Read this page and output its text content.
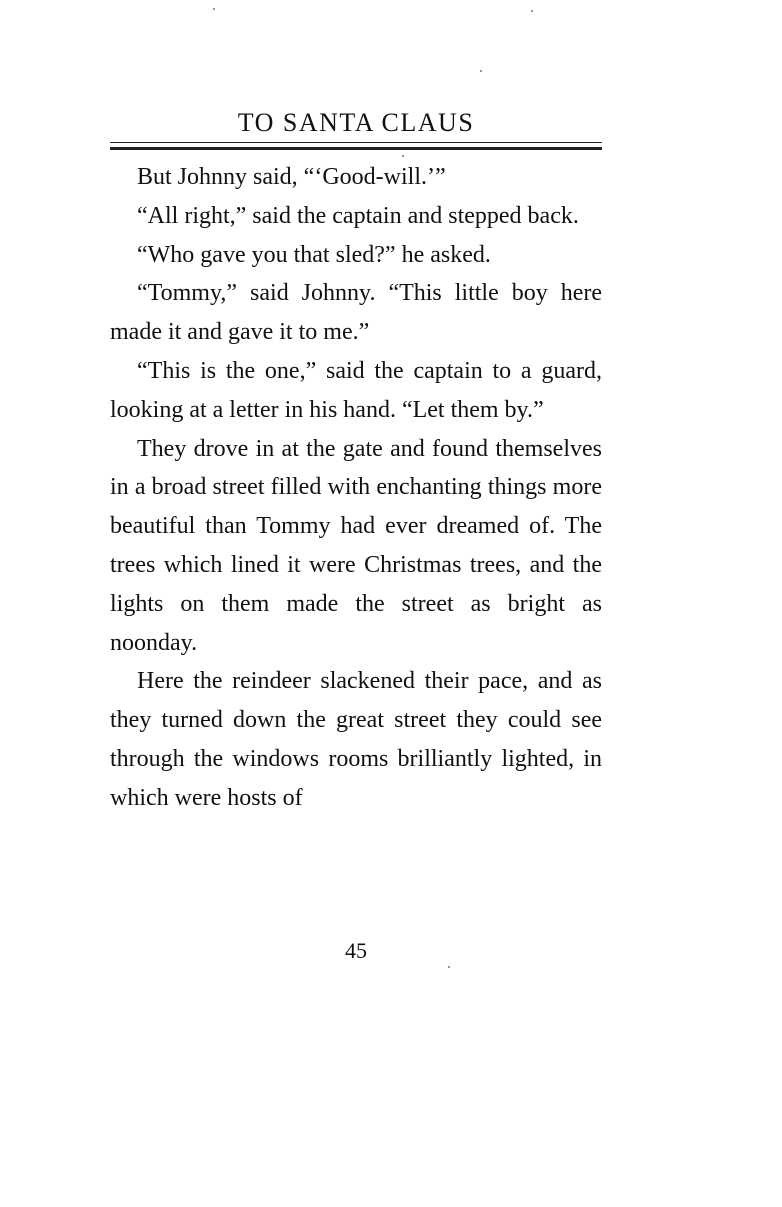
TO SANTA CLAUS

But Johnny said, “‘Good-will.’”

“All right,” said the captain and stepped back.

“Who gave you that sled?” he asked.

“Tommy,” said Johnny. “This little boy here made it and gave it to me.”

“This is the one,” said the captain to a guard, looking at a letter in his hand. “Let them by.”

They drove in at the gate and found themselves in a broad street filled with enchanting things more beautiful than Tommy had ever dreamed of. The trees which lined it were Christmas trees, and the lights on them made the street as bright as noonday.

Here the reindeer slackened their pace, and as they turned down the great street they could see through the windows rooms brilliantly lighted, in which were hosts of

45
